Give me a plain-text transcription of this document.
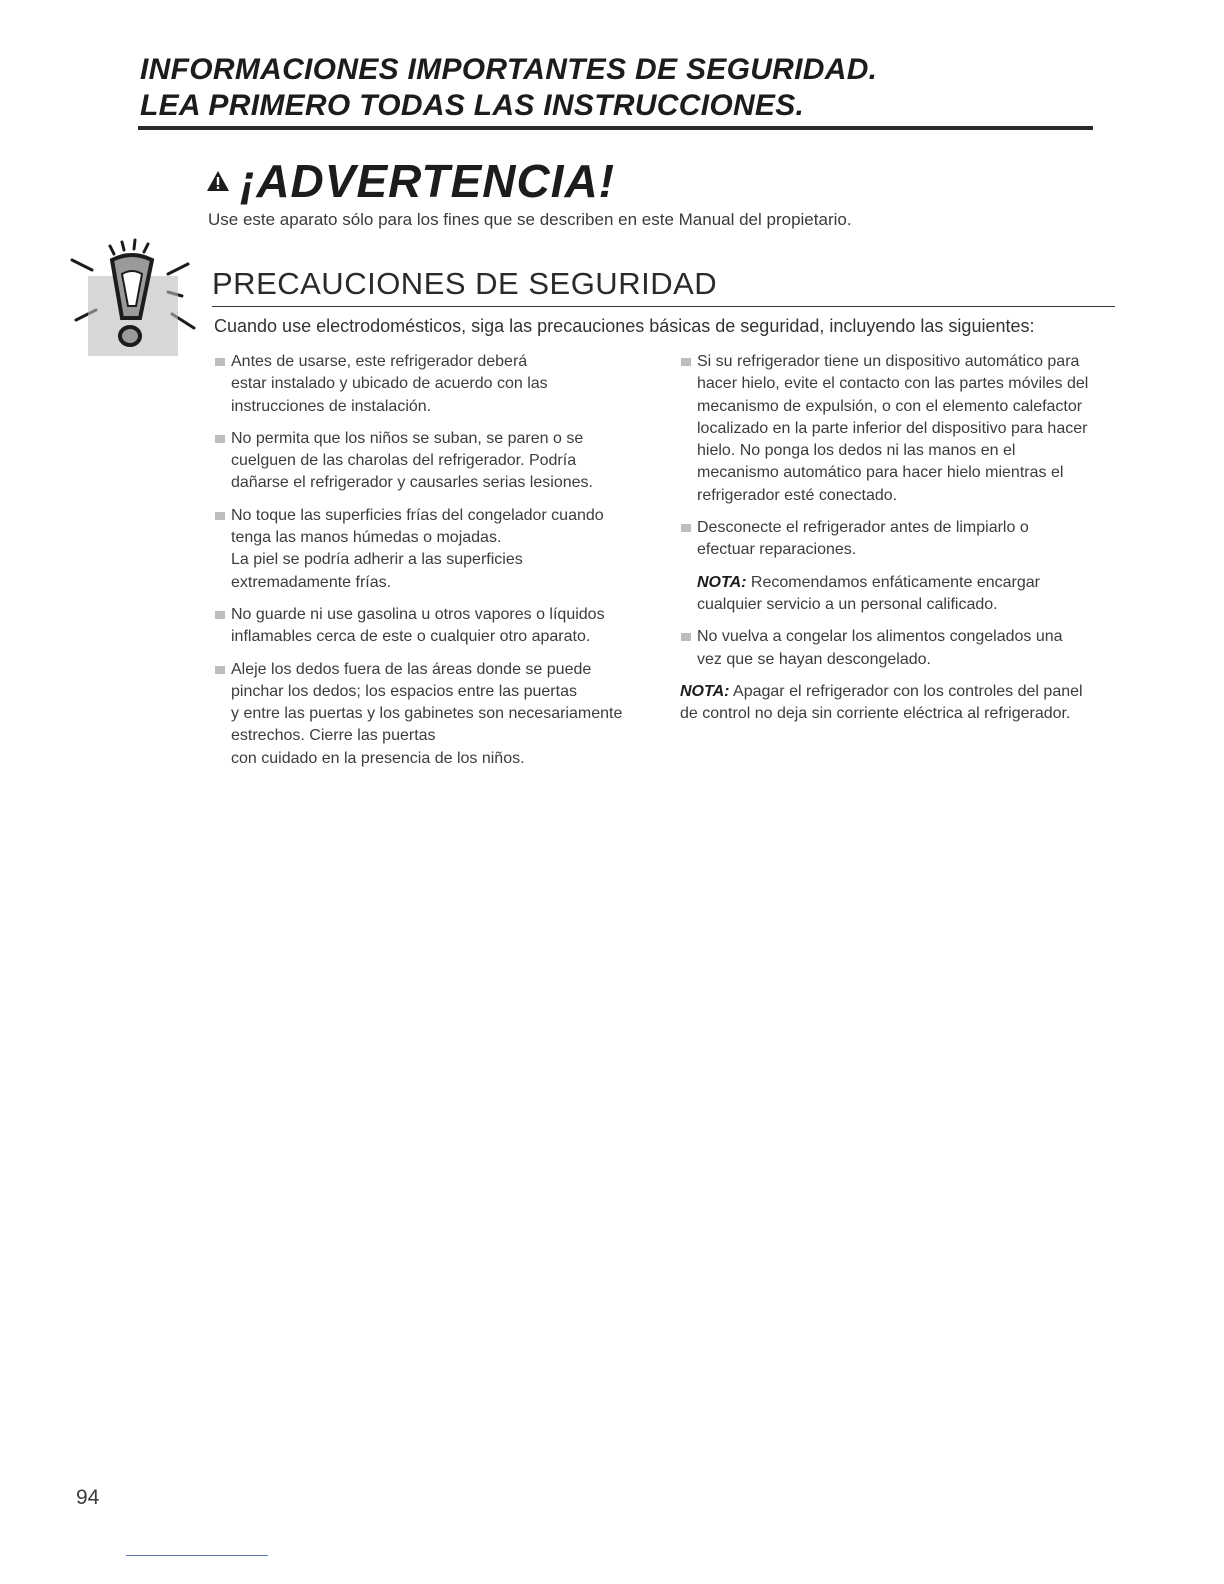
INFORMACIONES IMPORTANTES DE SEGURIDAD.
LEA PRIMERO TODAS LAS INSTRUCCIONES.
¡ADVERTENCIA!
Use este aparato sólo para los fines que se describen en este Manual del propietario.
PRECAUCIONES DE SEGURIDAD
Cuando use electrodomésticos, siga las precauciones básicas de seguridad, incluyendo las siguientes:
Antes de usarse, este refrigerador deberá
estar instalado y ubicado de acuerdo con las
instrucciones de instalación.
No permita que los niños se suban, se paren o se
cuelguen de las charolas del refrigerador. Podría
dañarse el refrigerador y causarles serias lesiones.
No toque las superficies frías del congelador cuando
tenga las manos húmedas o mojadas.
La piel se podría adherir a las superficies
extremadamente frías.
No guarde ni use gasolina u otros vapores o líquidos
inflamables cerca de este o cualquier otro aparato.
Aleje los dedos fuera de las áreas donde se puede
pinchar los dedos; los espacios entre las puertas
y entre las puertas y los gabinetes son necesariamente
estrechos. Cierre las puertas
con cuidado en la presencia de los niños.
Si su refrigerador tiene un dispositivo automático para
hacer hielo, evite el contacto con las partes móviles del
mecanismo de expulsión, o con el elemento calefactor
localizado en la parte inferior del dispositivo para hacer
hielo. No ponga los dedos ni las manos en el
mecanismo automático para hacer hielo mientras el
refrigerador esté conectado.
Desconecte el refrigerador antes de limpiarlo o
efectuar reparaciones.
NOTA: Recomendamos enfáticamente encargar
cualquier servicio a un personal calificado.
No vuelva a congelar los alimentos congelados una
vez que se hayan descongelado.
NOTA: Apagar el refrigerador con los controles del panel
de control no deja sin corriente eléctrica al refrigerador.
94
